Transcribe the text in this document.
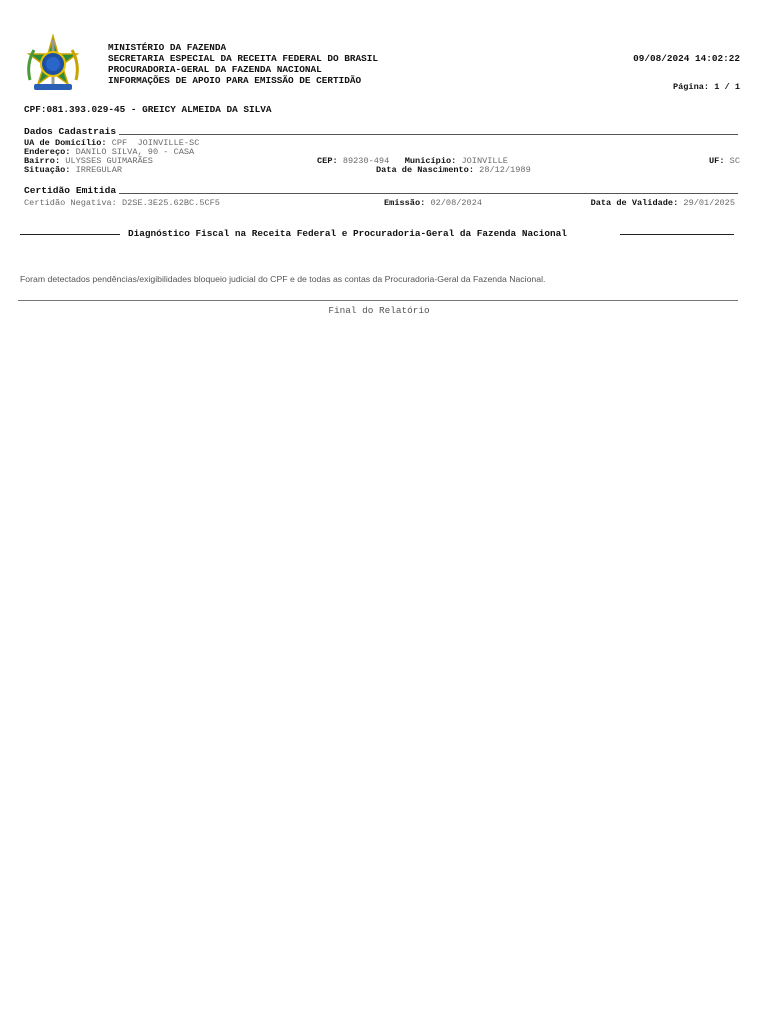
MINISTÉRIO DA FAZENDA
SECRETARIA ESPECIAL DA RECEITA FEDERAL DO BRASIL
PROCURADORIA-GERAL DA FAZENDA NACIONAL
INFORMAÇÕES DE APOIO PARA EMISSÃO DE CERTIDÃO
09/08/2024 14:02:22
Página: 1 / 1
CPF:081.393.029-45 - GREICY ALMEIDA DA SILVA
Dados Cadastrais
UA de Domicílio: CPF  JOINVILLE-SC
Endereço: DANILO SILVA, 90 - CASA
Bairro: ULYSSES GUIMARÃES	CEP: 89230-494 Município: JOINVILLE	UF: SC
Situação: IRREGULAR	Data de Nascimento: 28/12/1989
Certidão Emitida
Certidão Negativa: D2SE.3E25.62BC.5CF5	Emissão: 02/08/2024	Data de Validade: 29/01/2025
Diagnóstico Fiscal na Receita Federal e Procuradoria-Geral da Fazenda Nacional
Foram detectados pendências/exigibilidades bloqueio judicial do CPF e de todas as contas da Procuradoria-Geral da Fazenda Nacional.
Final do Relatório
